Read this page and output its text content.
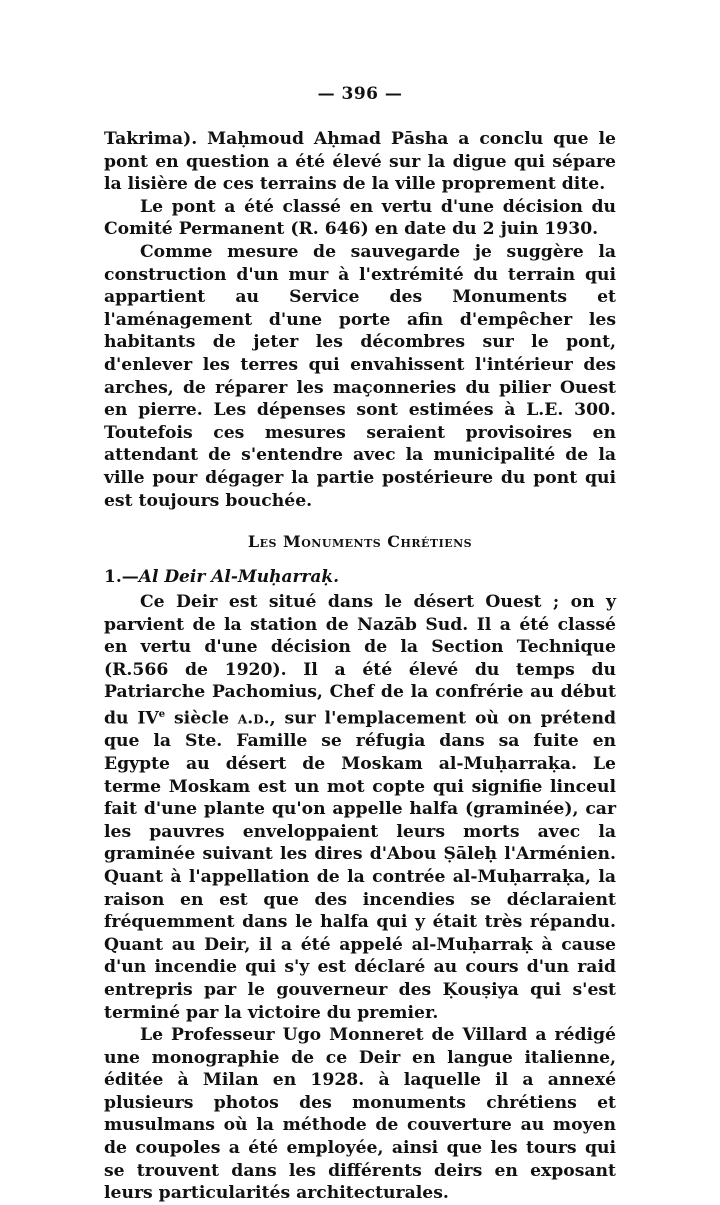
— 396 —

Takrima). Maḥmoud Aḥmad Pāsha a conclu que le pont en question a été élevé sur la digue qui sépare la lisière de ces terrains de la ville proprement dite.

Le pont a été classé en vertu d'une décision du Comité Permanent (R. 646) en date du 2 juin 1930.

Comme mesure de sauvegarde je suggère la construction d'un mur à l'extrémité du terrain qui appartient au Service des Monuments et l'aménagement d'une porte afin d'empêcher les habitants de jeter les décombres sur le pont, d'enlever les terres qui envahissent l'intérieur des arches, de réparer les maçonneries du pilier Ouest en pierre. Les dépenses sont estimées à L.E. 300. Toutefois ces mesures seraient provisoires en attendant de s'entendre avec la municipalité de la ville pour dégager la partie postérieure du pont qui est toujours bouchée.

Les Monuments Chrétiens
1.—Al Deir Al-Muḥarraḳ.

Ce Deir est situé dans le désert Ouest ; on y parvient de la station de Nazāb Sud. Il a été classé en vertu d'une décision de la Section Technique (R.566 de 1920). Il a été élevé du temps du Patriarche Pachomius, Chef de la confrérie au début du IVe siècle a.d., sur l'emplacement où on prétend que la Ste. Famille se réfugia dans sa fuite en Egypte au désert de Moskam al-Muḥarraḳa. Le terme Moskam est un mot copte qui signifie linceul fait d'une plante qu'on appelle halfa (graminée), car les pauvres enveloppaient leurs morts avec la graminée suivant les dires d'Abou Ṣāleḥ l'Arménien. Quant à l'appellation de la contrée al-Muḥarraḳa, la raison en est que des incendies se déclaraient fréquemment dans le halfa qui y était très répandu. Quant au Deir, il a été appelé al-Muḥarraḳ à cause d'un incendie qui s'y est déclaré au cours d'un raid entrepris par le gouverneur des Ḳouṣiya qui s'est terminé par la victoire du premier.

Le Professeur Ugo Monneret de Villard a rédigé une monographie de ce Deir en langue italienne, éditée à Milan en 1928. à laquelle il a annexé plusieurs photos des monuments chrétiens et musulmans où la méthode de couverture au moyen de coupoles a été employée, ainsi que les tours qui se trouvent dans les différents deirs en exposant leurs particularités architecturales.
